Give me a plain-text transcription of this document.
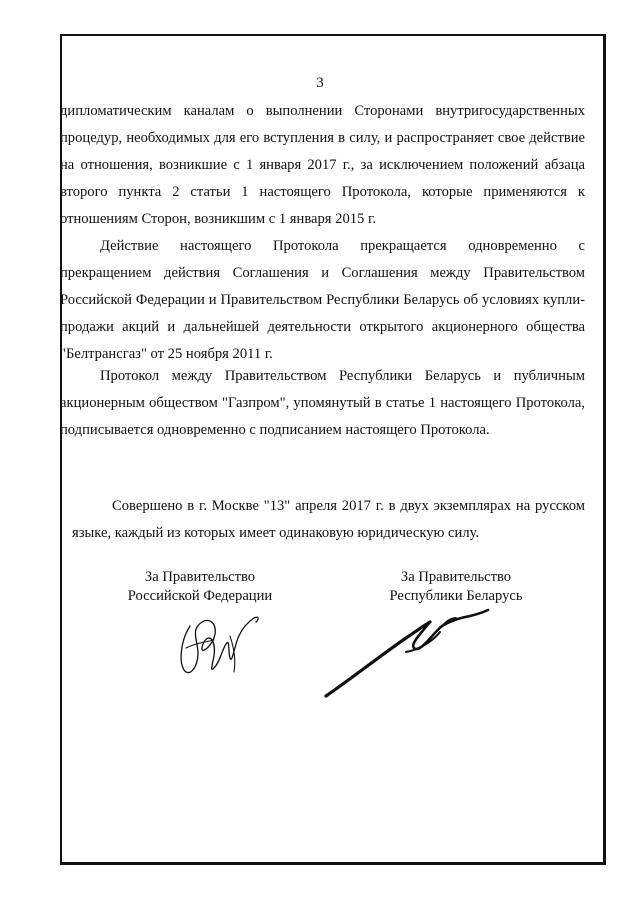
3

дипломатическим каналам о выполнении Сторонами внутригосударственных процедур, необходимых для его вступления в силу, и распространяет свое действие на отношения, возникшие с 1 января 2017 г., за исключением положений абзаца второго пункта 2 статьи 1 настоящего Протокола, которые применяются к отношениям Сторон, возникшим с 1 января 2015 г.

Действие настоящего Протокола прекращается одновременно с прекращением действия Соглашения и Соглашения между Правительством Российской Федерации и Правительством Республики Беларусь об условиях купли-продажи акций и дальнейшей деятельности открытого акционерного общества "Белтрансгаз" от 25 ноября 2011 г.

Протокол между Правительством Республики Беларусь и публичным акционерным обществом "Газпром", упомянутый в статье 1 настоящего Протокола, подписывается одновременно с подписанием настоящего Протокола.

Совершено в г. Москве "13" апреля 2017 г. в двух экземплярах на русском языке, каждый из которых имеет одинаковую юридическую силу.

За Правительство
Российской Федерации
За Правительство
Республики Беларусь
